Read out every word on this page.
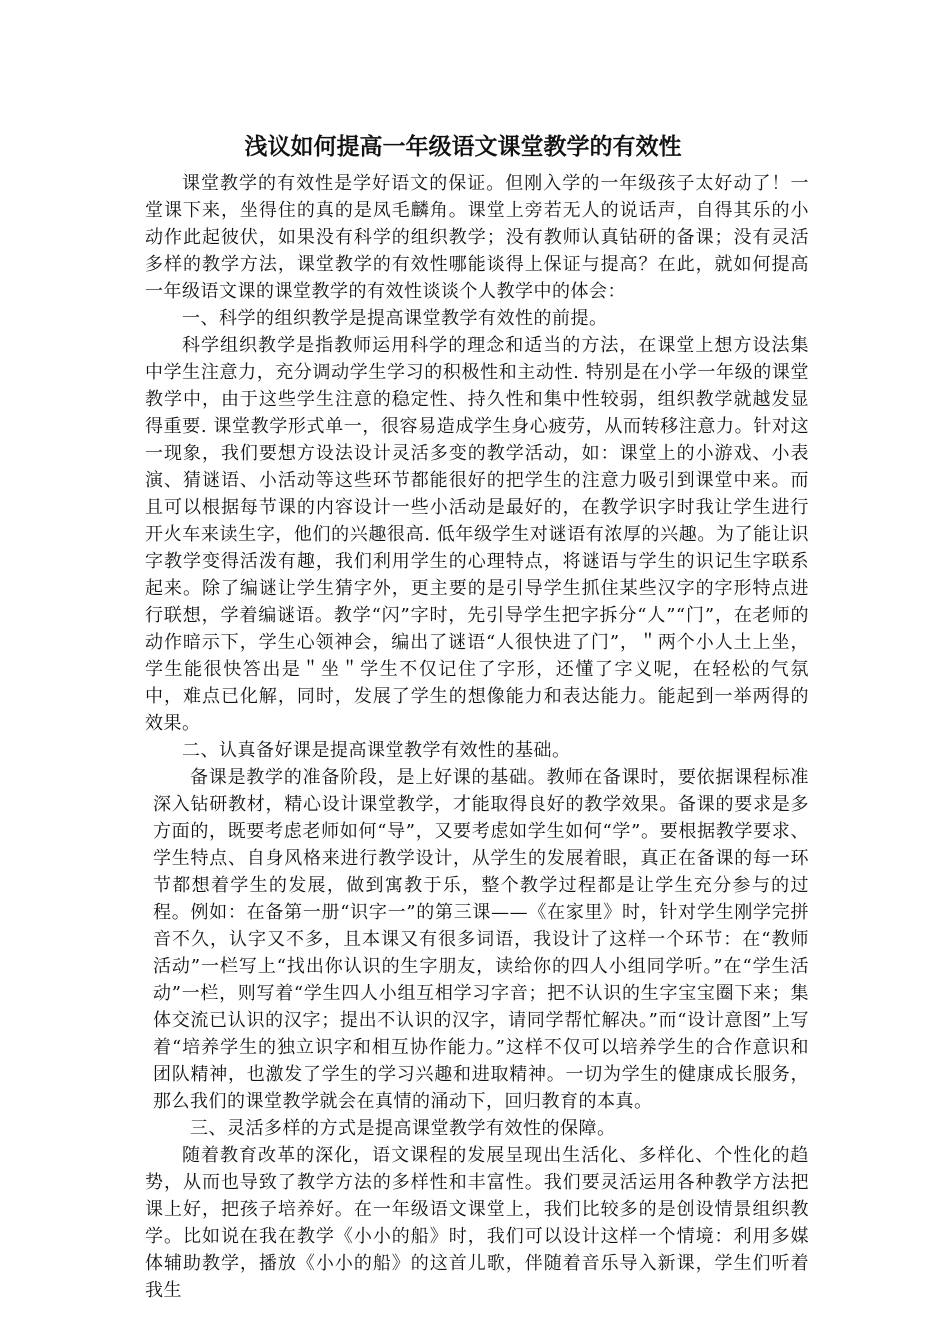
浅议如何提高一年级语文课堂教学的有效性

课堂教学的有效性是学好语文的保证。但刚入学的一年级孩子太好动了！一堂课下来，坐得住的真的是凤毛麟角。课堂上旁若无人的说话声，自得其乐的小动作此起彼伏，如果没有科学的组织教学；没有教师认真钻研的备课；没有灵活多样的教学方法，课堂教学的有效性哪能谈得上保证与提高？在此，就如何提高一年级语文课的课堂教学的有效性谈谈个人教学中的体会：

一、科学的组织教学是提高课堂教学有效性的前提。

科学组织教学是指教师运用科学的理念和适当的方法，在课堂上想方设法集中学生注意力，充分调动学生学习的积极性和主动性. 特别是在小学一年级的课堂教学中，由于这些学生注意的稳定性、持久性和集中性较弱，组织教学就越发显得重要. 课堂教学形式单一，很容易造成学生身心疲劳，从而转移注意力。针对这一现象，我们要想方设法设计灵活多变的教学活动，如：课堂上的小游戏、小表演、猜谜语、小活动等这些环节都能很好的把学生的注意力吸引到课堂中来。而且可以根据每节课的内容设计一些小活动是最好的，在教学识字时我让学生进行开火车来读生字，他们的兴趣很高. 低年级学生对谜语有浓厚的兴趣。为了能让识字教学变得活泼有趣，我们利用学生的心理特点，将谜语与学生的识记生字联系起来。除了编谜让学生猜字外，更主要的是引导学生抓住某些汉字的字形特点进行联想，学着编谜语。教学“闪”字时，先引导学生把字拆分“人”“门”，在老师的动作暗示下，学生心领神会，编出了谜语“人很快进了门”，＂两个小人土上坐，学生能很快答出是＂坐＂学生不仅记住了字形，还懂了字义呢，在轻松的气氛中，难点已化解，同时，发展了学生的想像能力和表达能力。能起到一举两得的效果。

二、认真备好课是提高课堂教学有效性的基础。

备课是教学的准备阶段，是上好课的基础。教师在备课时，要依据课程标准深入钻研教材，精心设计课堂教学，才能取得良好的教学效果。备课的要求是多方面的，既要考虑老师如何“导”，又要考虑如学生如何“学”。要根据教学要求、学生特点、自身风格来进行教学设计，从学生的发展着眼，真正在备课的每一环节都想着学生的发展，做到寓教于乐，整个教学过程都是让学生充分参与的过程。例如：在备第一册“识字一”的第三课——《在家里》时，针对学生刚学完拼音不久，认字又不多，且本课又有很多词语，我设计了这样一个环节：在“教师活动”一栏写上“找出你认识的生字朋友，读给你的四人小组同学听。”在“学生活动”一栏，则写着“学生四人小组互相学习字音；把不认识的生字宝宝圈下来；集体交流已认识的汉字；提出不认识的汉字，请同学帮忙解决。”而“设计意图”上写着“培养学生的独立识字和相互协作能力。”这样不仅可以培养学生的合作意识和团队精神，也激发了学生的学习兴趣和进取精神。一切为学生的健康成长服务，那么我们的课堂教学就会在真情的涌动下，回归教育的本真。

三、灵活多样的方式是提高课堂教学有效性的保障。

随着教育改革的深化，语文课程的发展呈现出生活化、多样化、个性化的趋势，从而也导致了教学方法的多样性和丰富性。我们要灵活运用各种教学方法把课上好，把孩子培养好。在一年级语文课堂上，我们比较多的是创设情景组织教学。比如说在我在教学《小小的船》时，我们可以设计这样一个情境：利用多媒体辅助教学，播放《小小的船》的这首儿歌，伴随着音乐导入新课，学生们听着我生
